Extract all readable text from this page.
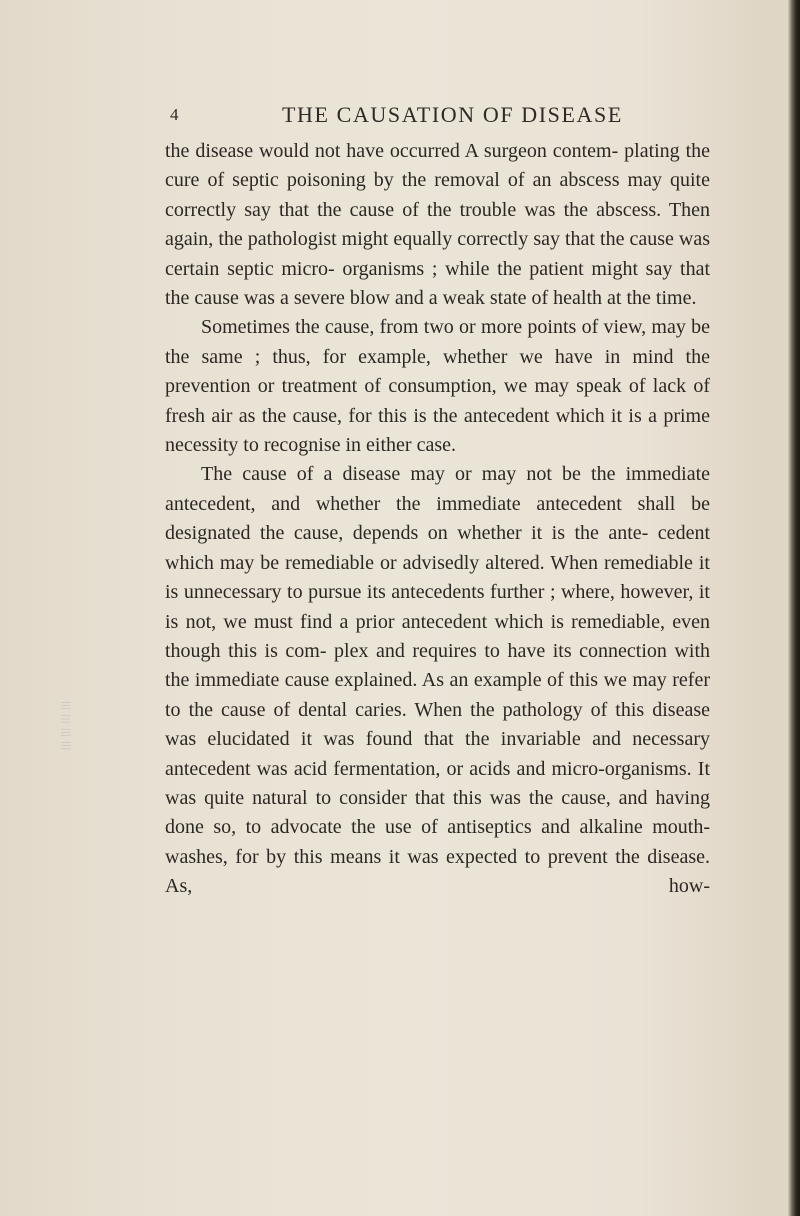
||| ||| ||| |||
4	THE CAUSATION OF DISEASE

the disease would not have occurred A surgeon contem- plating the cure of septic poisoning by the removal of an abscess may quite correctly say that the cause of the trouble was the abscess. Then again, the pathologist might equally correctly say that the cause was certain septic micro- organisms ; while the patient might say that the cause was a severe blow and a weak state of health at the time.

Sometimes the cause, from two or more points of view, may be the same ; thus, for example, whether we have in mind the prevention or treatment of consumption, we may speak of lack of fresh air as the cause, for this is the antecedent which it is a prime necessity to recognise in either case.

The cause of a disease may or may not be the immediate antecedent, and whether the immediate antecedent shall be designated the cause, depends on whether it is the ante- cedent which may be remediable or advisedly altered. When remediable it is unnecessary to pursue its antecedents further ; where, however, it is not, we must find a prior antecedent which is remediable, even though this is com- plex and requires to have its connection with the immediate cause explained. As an example of this we may refer to the cause of dental caries. When the pathology of this disease was elucidated it was found that the invariable and necessary antecedent was acid fermentation, or acids and micro-organisms. It was quite natural to consider that this was the cause, and having done so, to advocate the use of antiseptics and alkaline mouth-washes, for by this means it was expected to prevent the disease. As, how-
